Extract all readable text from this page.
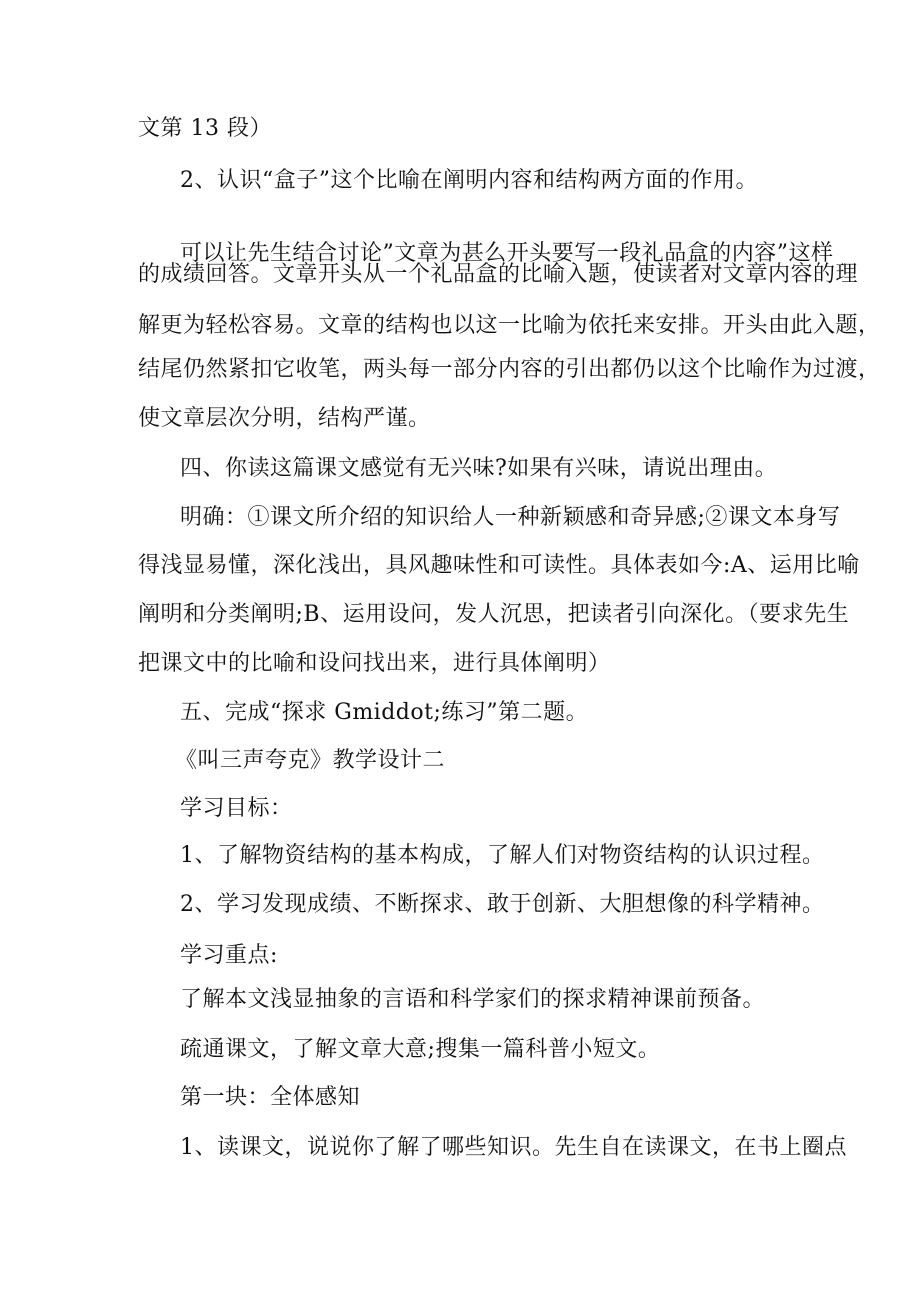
文第 13 段）
2、认识“盒子”这个比喻在阐明内容和结构两方面的作用。
可以让先生结合讨论”文章为甚么开头要写一段礼品盒的内容”这样
的成绩回答。文章开头从一个礼品盒的比喻入题，使读者对文章内容的理
解更为轻松容易。文章的结构也以这一比喻为依托来安排。开头由此入题，
结尾仍然紧扣它收笔，两头每一部分内容的引出都仍以这个比喻作为过渡，
使文章层次分明，结构严谨。
四、你读这篇课文感觉有无兴味?如果有兴味，请说出理由。
明确：①课文所介绍的知识给人一种新颖感和奇异感;②课文本身写
得浅显易懂，深化浅出，具风趣味性和可读性。具体表如今:A、运用比喻
阐明和分类阐明;B、运用设问，发人沉思，把读者引向深化。（要求先生
把课文中的比喻和设问找出来，进行具体阐明）
五、完成“探求 Gmiddot;练习”第二题。
《叫三声夸克》教学设计二
学习目标：
1、了解物资结构的基本构成，了解人们对物资结构的认识过程。
2、学习发现成绩、不断探求、敢于创新、大胆想像的科学精神。
学习重点:
了解本文浅显抽象的言语和科学家们的探求精神课前预备。
疏通课文，了解文章大意;搜集一篇科普小短文。
第一块：全体感知
1、读课文，说说你了解了哪些知识。先生自在读课文，在书上圈点
